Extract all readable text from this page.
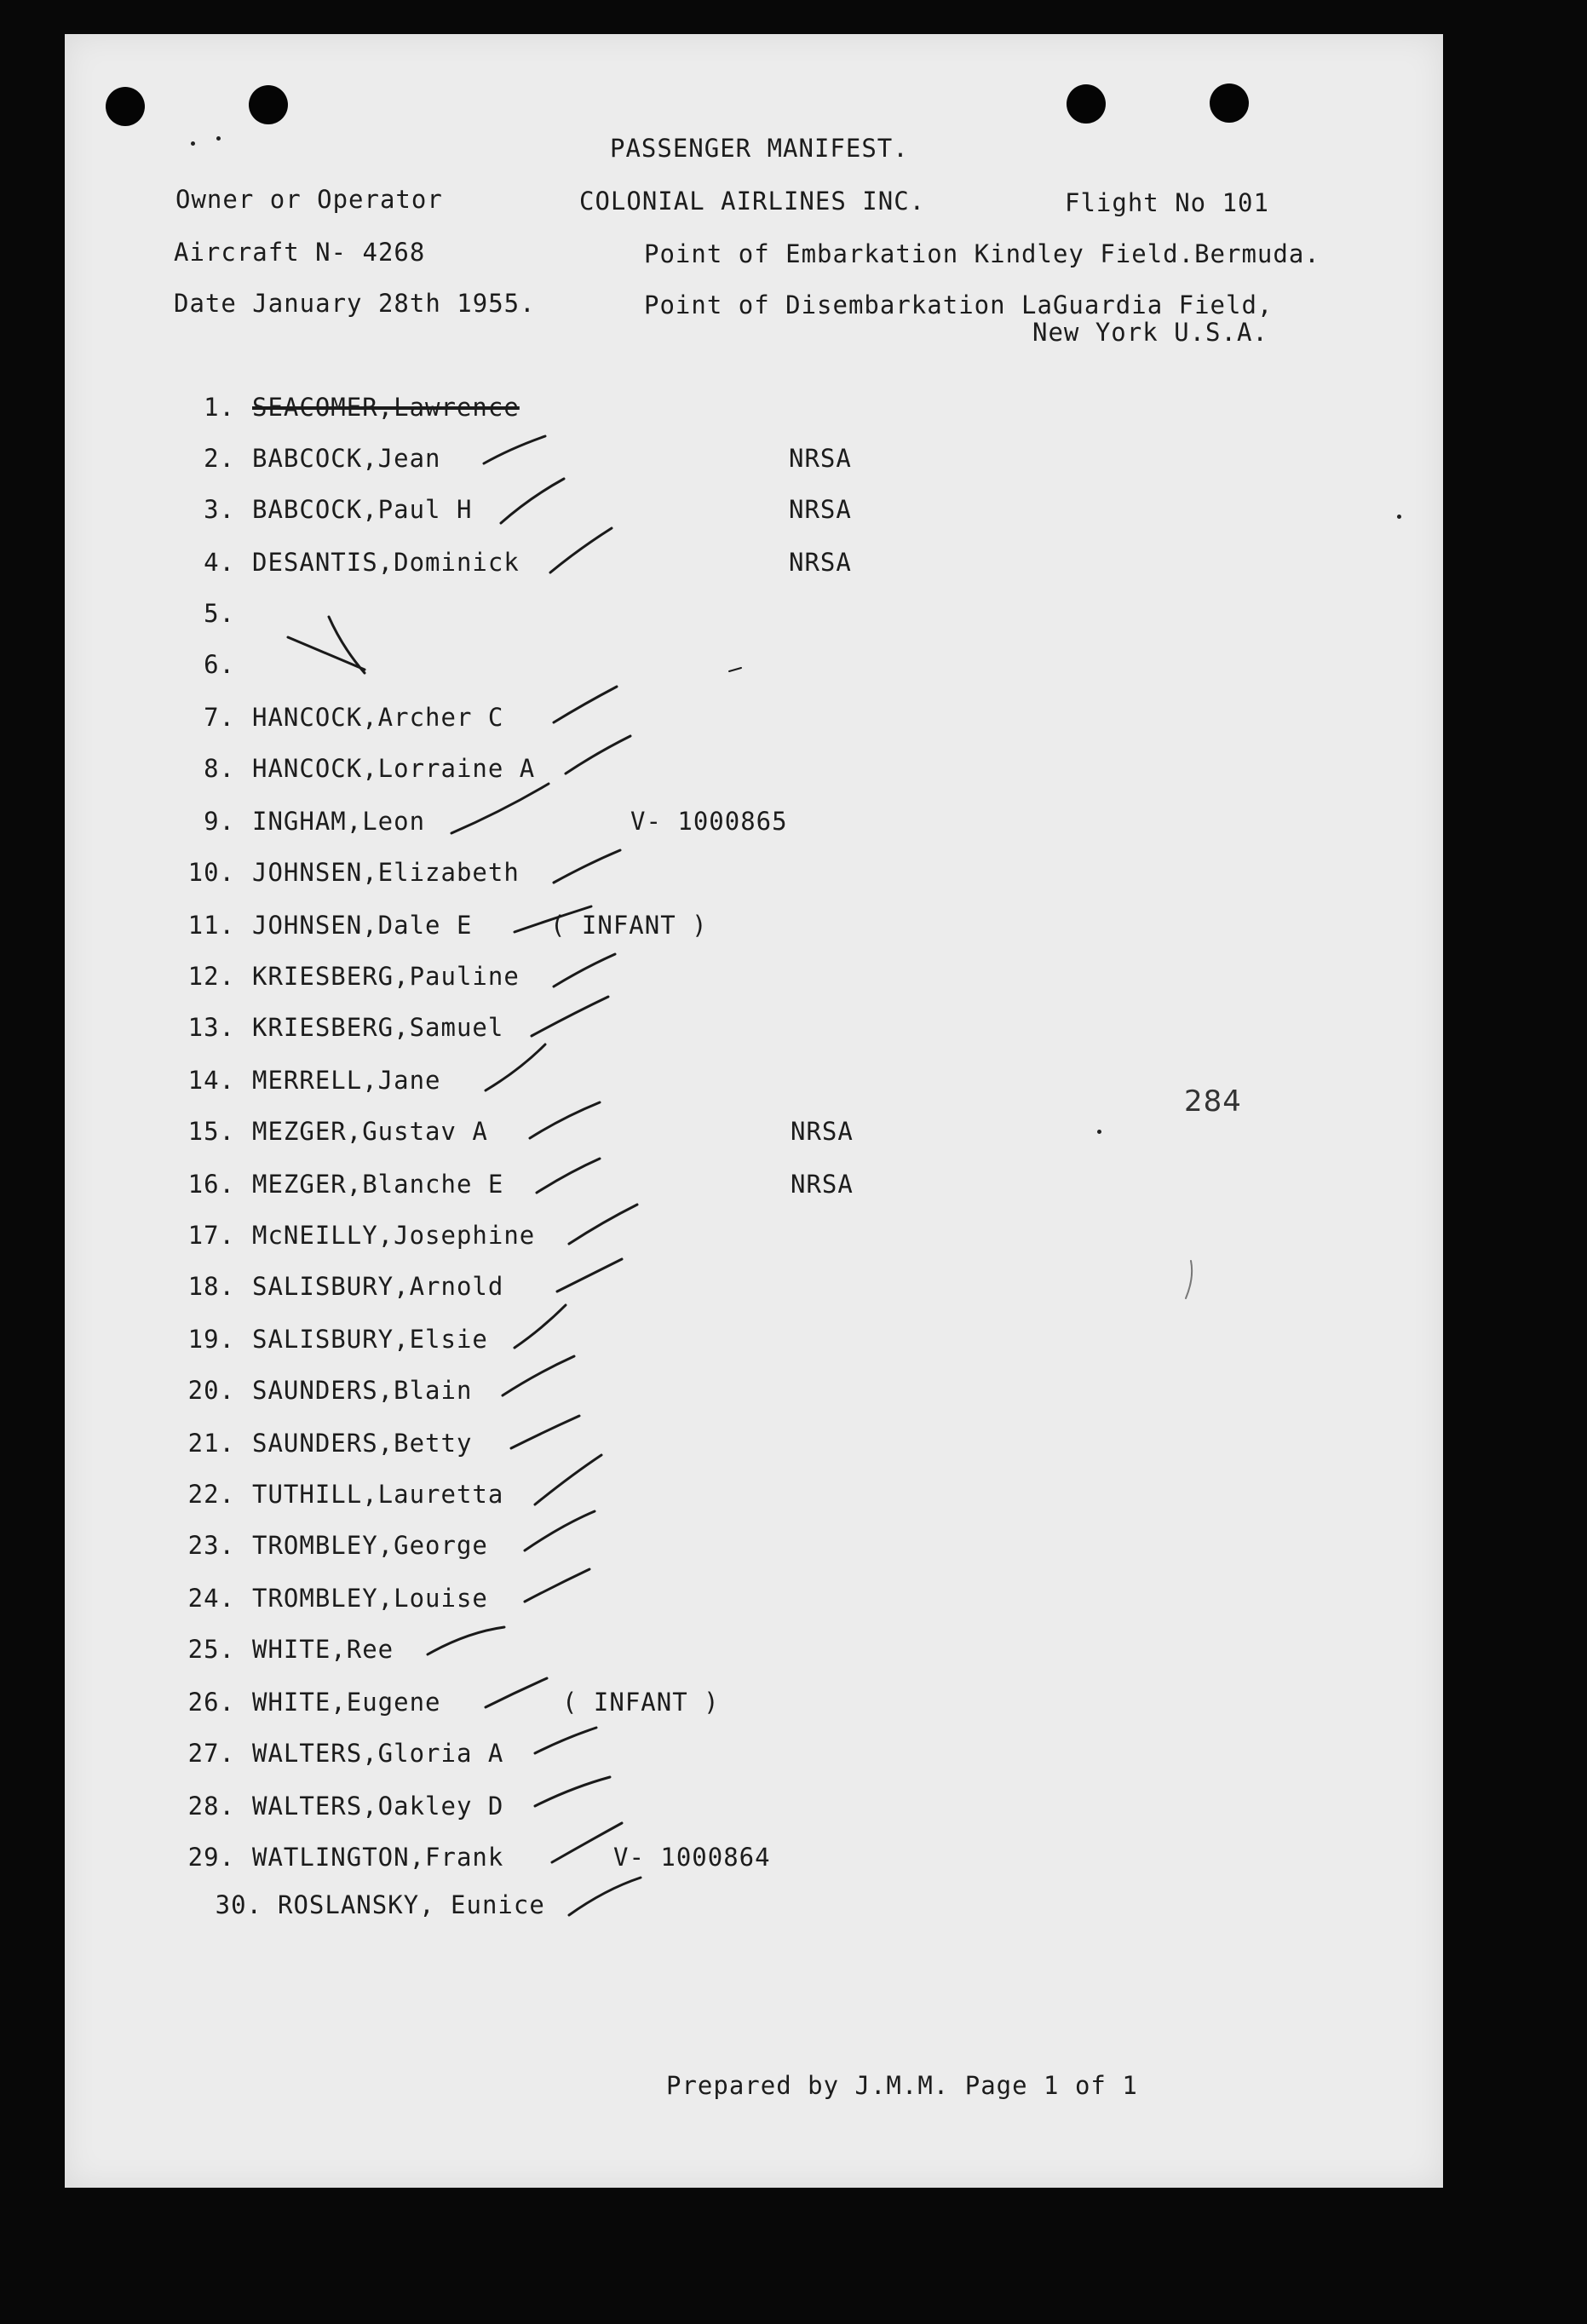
PASSENGER MANIFEST.
Owner or Operator	COLONIAL AIRLINES INC.	Flight No 101
Aircraft N- 4268	Point of Embarkation Kindley Field.Bermuda.
Date January 28th 1955.	Point of Disembarkation LaGuardia Field,
New York U.S.A.
1. SEACOMER,Lawrence
2. BABCOCK,Jean	NRSA
3. BABCOCK,Paul H	NRSA
4. DESANTIS,Dominick	NRSA
5.
6.
7. HANCOCK,Archer C
8. HANCOCK,Lorraine A
9. INGHAM,Leon	V- 1000865
10. JOHNSEN,Elizabeth
11. JOHNSEN,Dale E	( INFANT )
12. KRIESBERG,Pauline
13. KRIESBERG,Samuel
14. MERRELL,Jane
15. MEZGER,Gustav A	NRSA
16. MEZGER,Blanche E	NRSA
17. McNEILLY,Josephine
18. SALISBURY,Arnold
19. SALISBURY,Elsie
20. SAUNDERS,Blain
21. SAUNDERS,Betty
22. TUTHILL,Lauretta
23. TROMBLEY,George
24. TROMBLEY,Louise
25. WHITE,Ree
26. WHITE,Eugene	( INFANT )
27. WALTERS,Gloria A
28. WALTERS,Oakley D
29. WATLINGTON,Frank	V- 1000864
30. ROSLANSKY, Eunice
284
Prepared by J.M.M. Page 1 of 1
